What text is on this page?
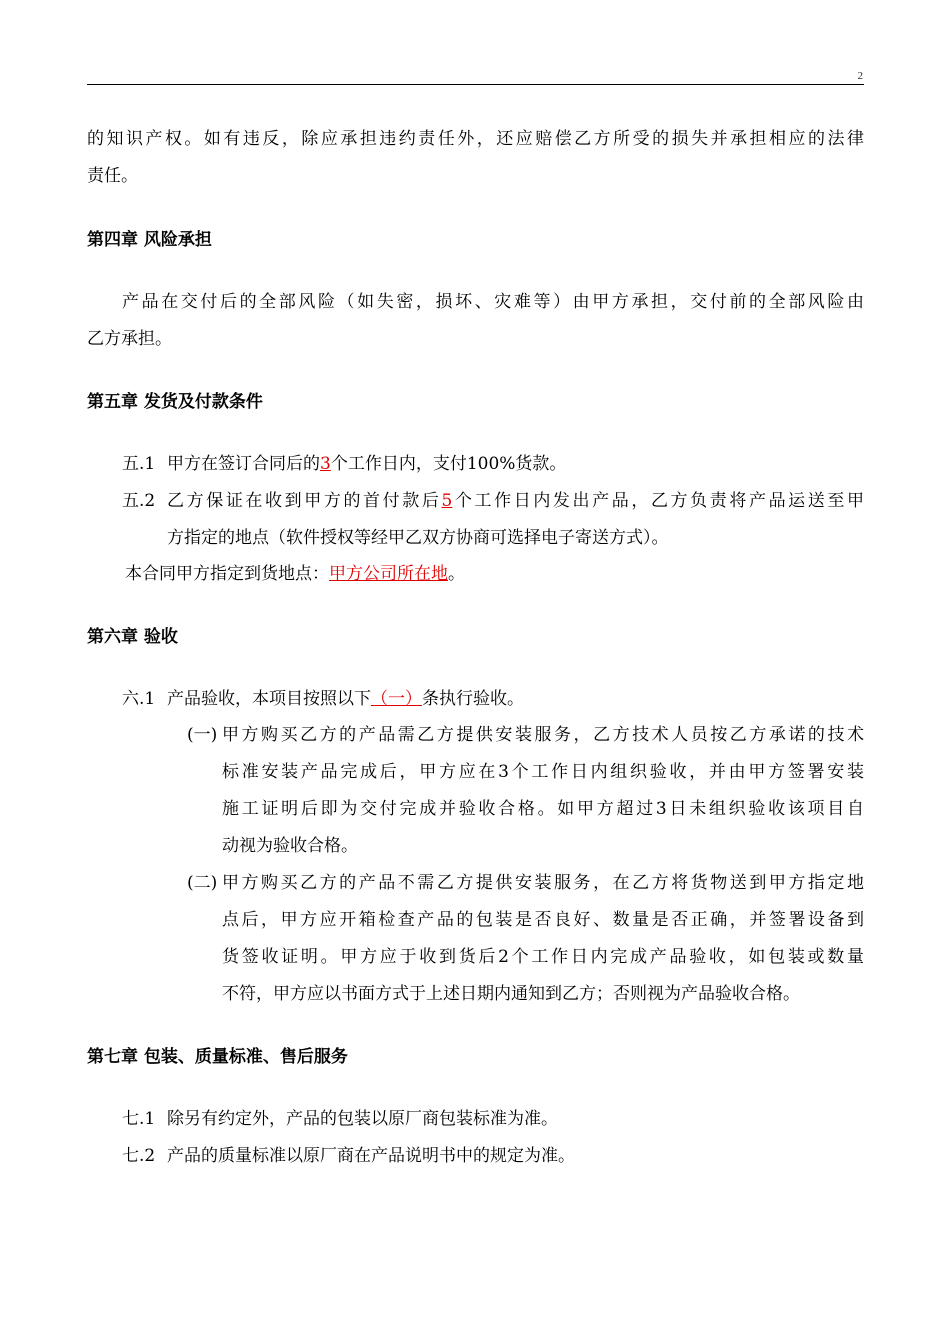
2
的知识产权。如有违反，除应承担违约责任外，还应赔偿乙方所受的损失并承担相应的法律
责任。
第四章 风险承担
产品在交付后的全部风险（如失密，损坏、灾难等）由甲方承担，交付前的全部风险由
乙方承担。
第五章 发货及付款条件
五.1 甲方在签订合同后的3个工作日内，支付100%货款。
五.2 乙方保证在收到甲方的首付款后5个工作日内发出产品，乙方负责将产品运送至甲
方指定的地点（软件授权等经甲乙双方协商可选择电子寄送方式）。
本合同甲方指定到货地点：甲方公司所在地。
第六章 验收
六.1 产品验收，本项目按照以下（一）条执行验收。
(一) 甲方购买乙方的产品需乙方提供安装服务，乙方技术人员按乙方承诺的技术
标准安装产品完成后，甲方应在3个工作日内组织验收，并由甲方签署安装
施工证明后即为交付完成并验收合格。如甲方超过3日未组织验收该项目自
动视为验收合格。
(二) 甲方购买乙方的产品不需乙方提供安装服务，在乙方将货物送到甲方指定地
点后，甲方应开箱检查产品的包装是否良好、数量是否正确，并签署设备到
货签收证明。甲方应于收到货后2个工作日内完成产品验收，如包装或数量
不符，甲方应以书面方式于上述日期内通知到乙方；否则视为产品验收合格。
第七章 包装、质量标准、售后服务
七.1 除另有约定外，产品的包装以原厂商包装标准为准。
七.2 产品的质量标准以原厂商在产品说明书中的规定为准。
